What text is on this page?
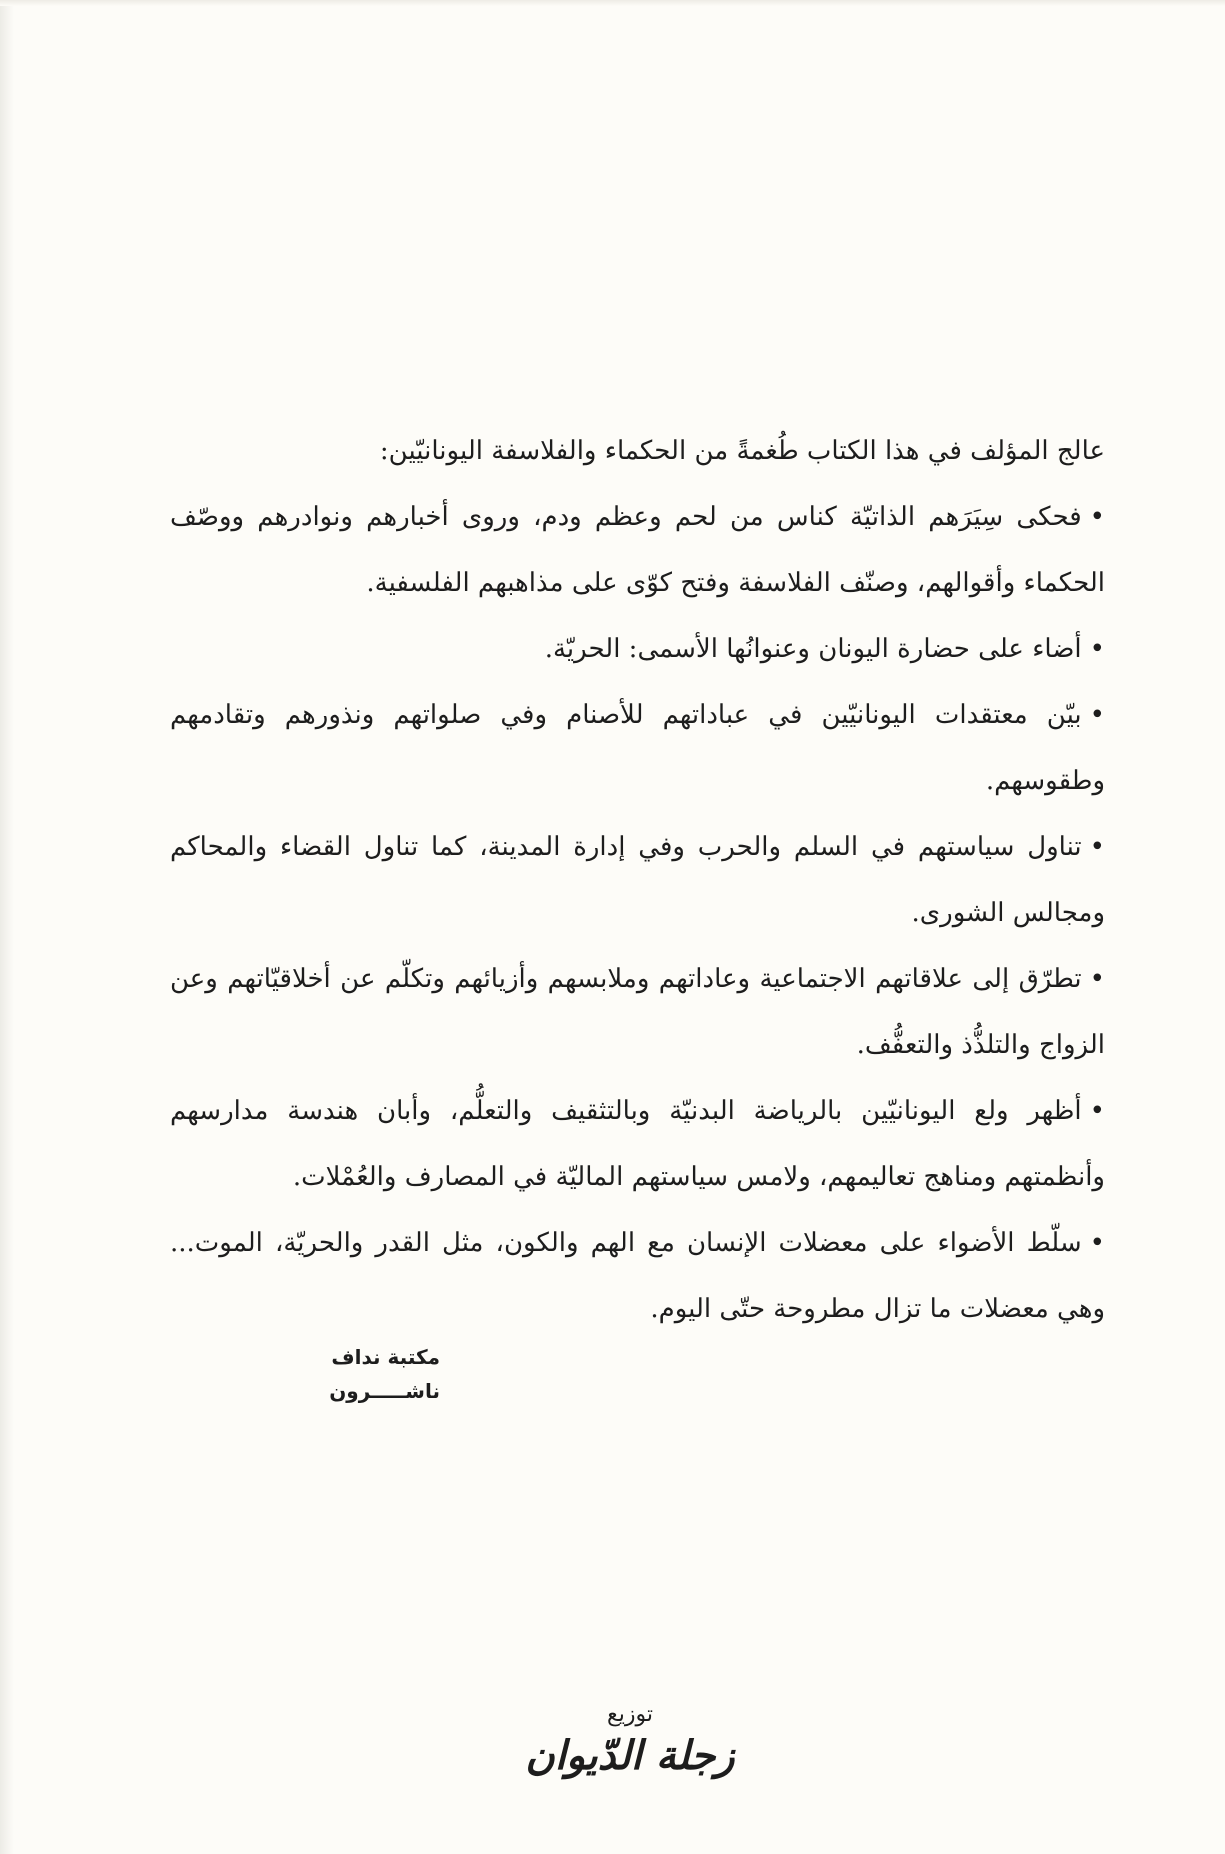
عالج المؤلف في هذا الكتاب طُغمةً من الحكماء والفلاسفة اليونانيّين:

•فحكى سِيَرَهم الذاتيّة كناس من لحم وعظم ودم، وروى أخبارهم ونوادرهم ووصّف الحكماء وأقوالهم، وصنّف الفلاسفة وفتح كوّى على مذاهبهم الفلسفية.

•أضاء على حضارة اليونان وعنوانُها الأسمى: الحريّة.

•بيّن معتقدات اليونانيّين في عباداتهم للأصنام وفي صلواتهم ونذورهم وتقادمهم وطقوسهم.

•تناول سياستهم في السلم والحرب وفي إدارة المدينة، كما تناول القضاء والمحاكم ومجالس الشورى.

•تطرّق إلى علاقاتهم الاجتماعية وعاداتهم وملابسهم وأزيائهم وتكلّم عن أخلاقيّاتهم وعن الزواج والتلذُّذ والتعفُّف.

•أظهر ولع اليونانيّين بالرياضة البدنيّة وبالتثقيف والتعلُّم، وأبان هندسة مدارسهم وأنظمتهم ومناهج تعاليمهم، ولامس سياستهم الماليّة في المصارف والعُمْلات.

•سلّط الأضواء على معضلات الإنسان مع الهم والكون، مثل القدر والحريّة، الموت... وهي معضلات ما تزال مطروحة حتّى اليوم.

مكتبة نداف
ناشـــــرون
توزيع
زجلة الدّيوان
